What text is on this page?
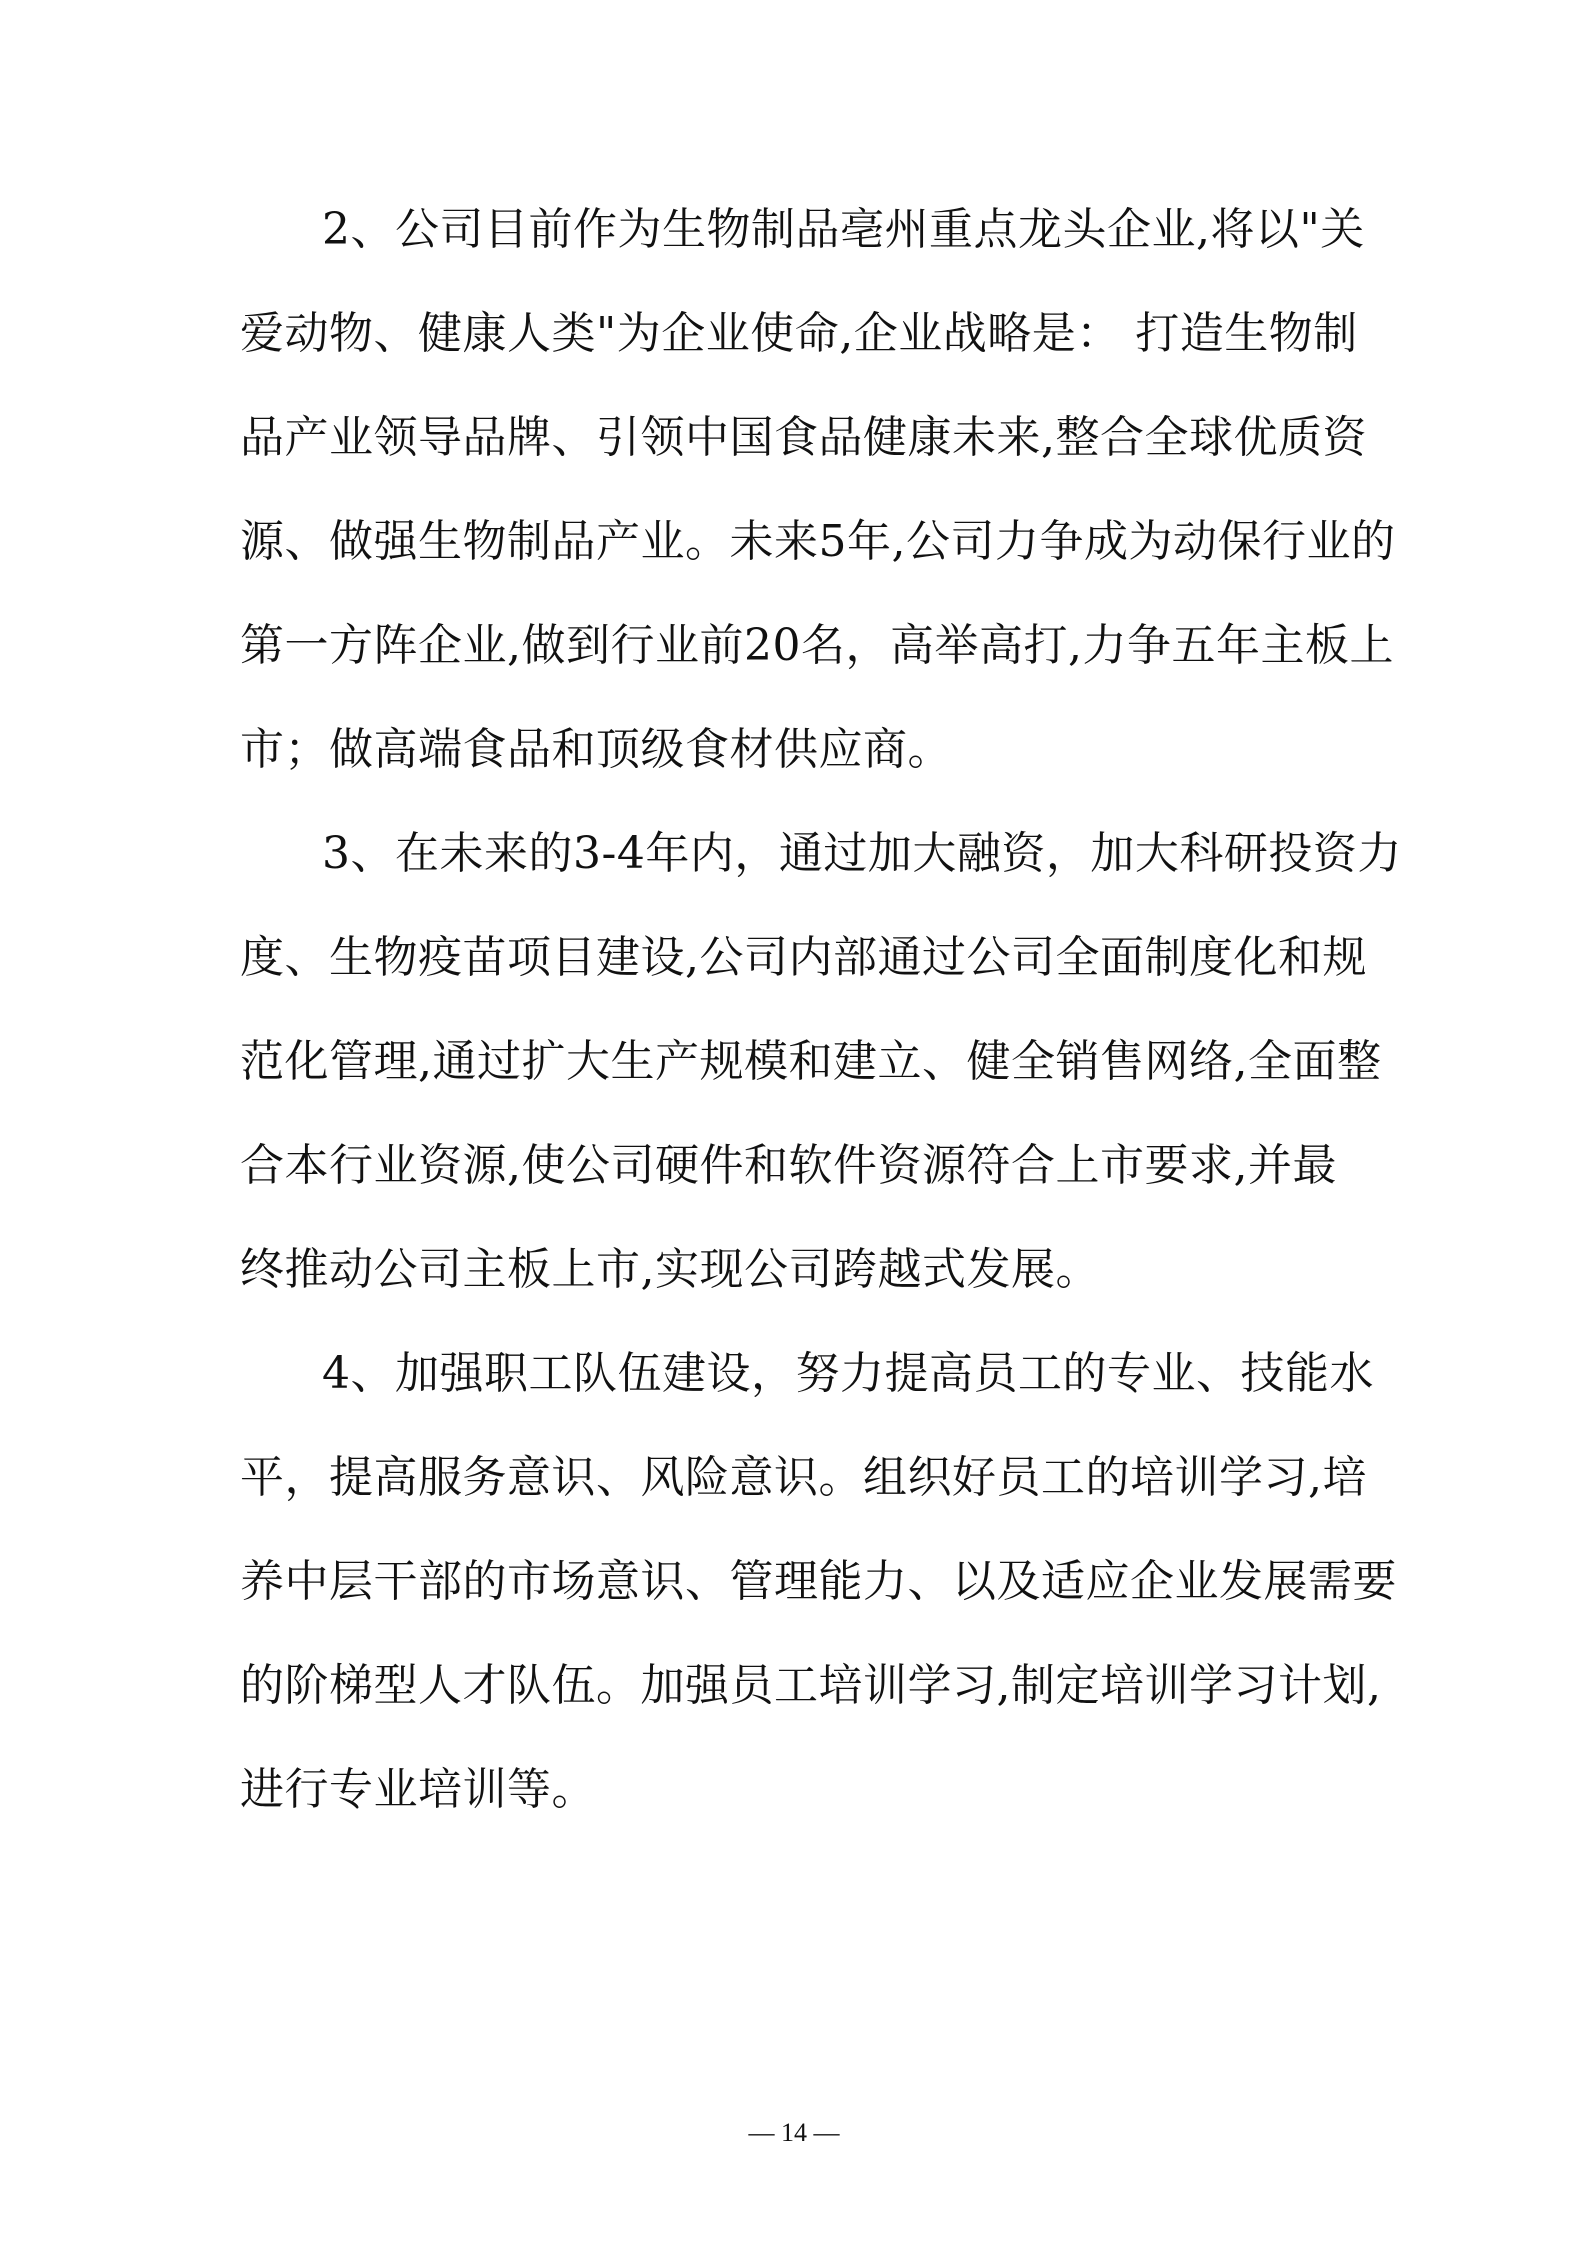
2、公司目前作为生物制品亳州重点龙头企业,将以"关
爱动物、健康人类"为企业使命,企业战略是： 打造生物制
品产业领导品牌、引领中国食品健康未来,整合全球优质资
源、做强生物制品产业。未来5年,公司力争成为动保行业的
第一方阵企业,做到行业前20名，高举高打,力争五年主板上
市；做高端食品和顶级食材供应商。
3、在未来的3-4年内，通过加大融资，加大科研投资力
度、生物疫苗项目建设,公司内部通过公司全面制度化和规
范化管理,通过扩大生产规模和建立、健全销售网络,全面整
合本行业资源,使公司硬件和软件资源符合上市要求,并最
终推动公司主板上市,实现公司跨越式发展。
4、加强职工队伍建设，努力提高员工的专业、技能水
平，提高服务意识、风险意识。组织好员工的培训学习,培
养中层干部的市场意识、管理能力、以及适应企业发展需要
的阶梯型人才队伍。加强员工培训学习,制定培训学习计划,
进行专业培训等。
— 14 —
